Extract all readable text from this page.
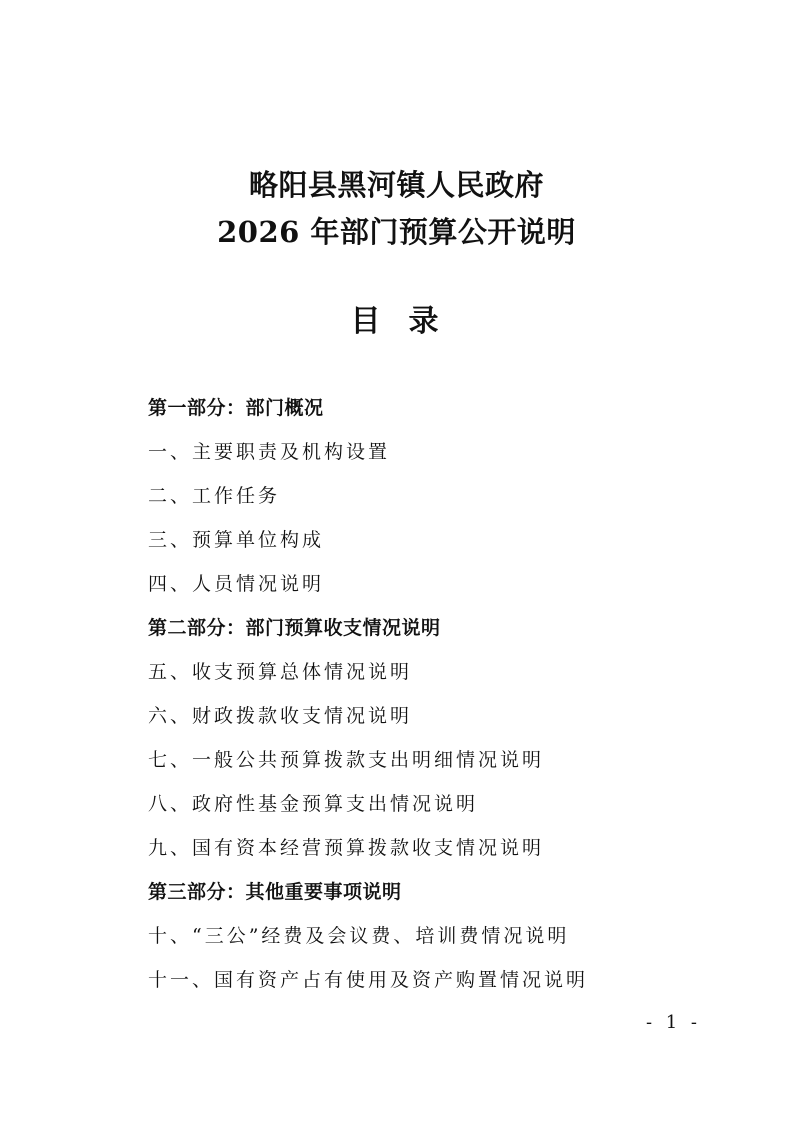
略阳县黑河镇人民政府
2026 年部门预算公开说明
目录
第一部分：部门概况
一、主要职责及机构设置
二、工作任务
三、预算单位构成
四、人员情况说明
第二部分：部门预算收支情况说明
五、收支预算总体情况说明
六、财政拨款收支情况说明
七、一般公共预算拨款支出明细情况说明
八、政府性基金预算支出情况说明
九、国有资本经营预算拨款收支情况说明
第三部分：其他重要事项说明
十、“三公”经费及会议费、培训费情况说明
十一、国有资产占有使用及资产购置情况说明
- 1 -
